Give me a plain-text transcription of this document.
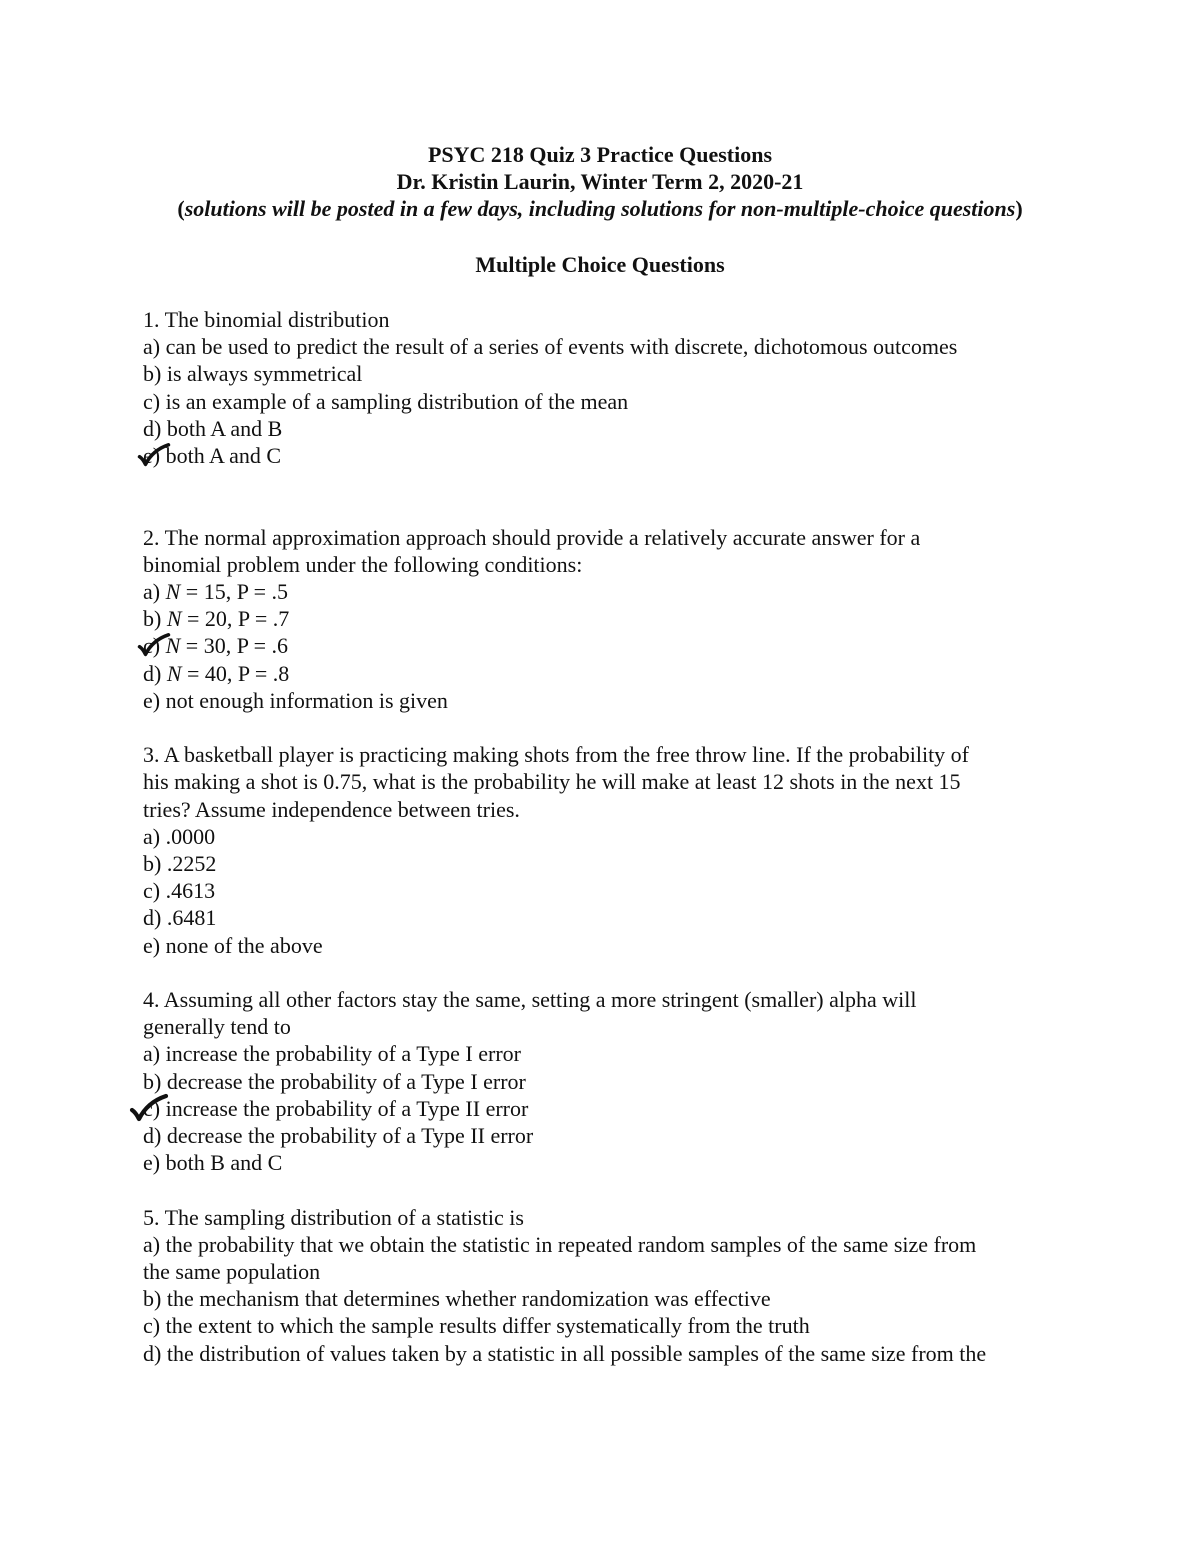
PSYC 218 Quiz 3 Practice Questions
Dr. Kristin Laurin, Winter Term 2, 2020-21
(solutions will be posted in a few days, including solutions for non-multiple-choice questions)
Multiple Choice Questions
1. The binomial distribution
a) can be used to predict the result of a series of events with discrete, dichotomous outcomes
b) is always symmetrical
c) is an example of a sampling distribution of the mean
d) both A and B
e) both A and C
2. The normal approximation approach should provide a relatively accurate answer for a
binomial problem under the following conditions:
a) N = 15, P = .5
b) N = 20, P = .7
c) N = 30, P = .6
d) N = 40, P = .8
e) not enough information is given
3. A basketball player is practicing making shots from the free throw line. If the probability of
his making a shot is 0.75, what is the probability he will make at least 12 shots in the next 15
tries? Assume independence between tries.
a) .0000
b) .2252
c) .4613
d) .6481
e) none of the above
4. Assuming all other factors stay the same, setting a more stringent (smaller) alpha will
generally tend to
a) increase the probability of a Type I error
b) decrease the probability of a Type I error
c) increase the probability of a Type II error
d) decrease the probability of a Type II error
e) both B and C
5. The sampling distribution of a statistic is
a) the probability that we obtain the statistic in repeated random samples of the same size from
the same population
b) the mechanism that determines whether randomization was effective
c) the extent to which the sample results differ systematically from the truth
d) the distribution of values taken by a statistic in all possible samples of the same size from the
